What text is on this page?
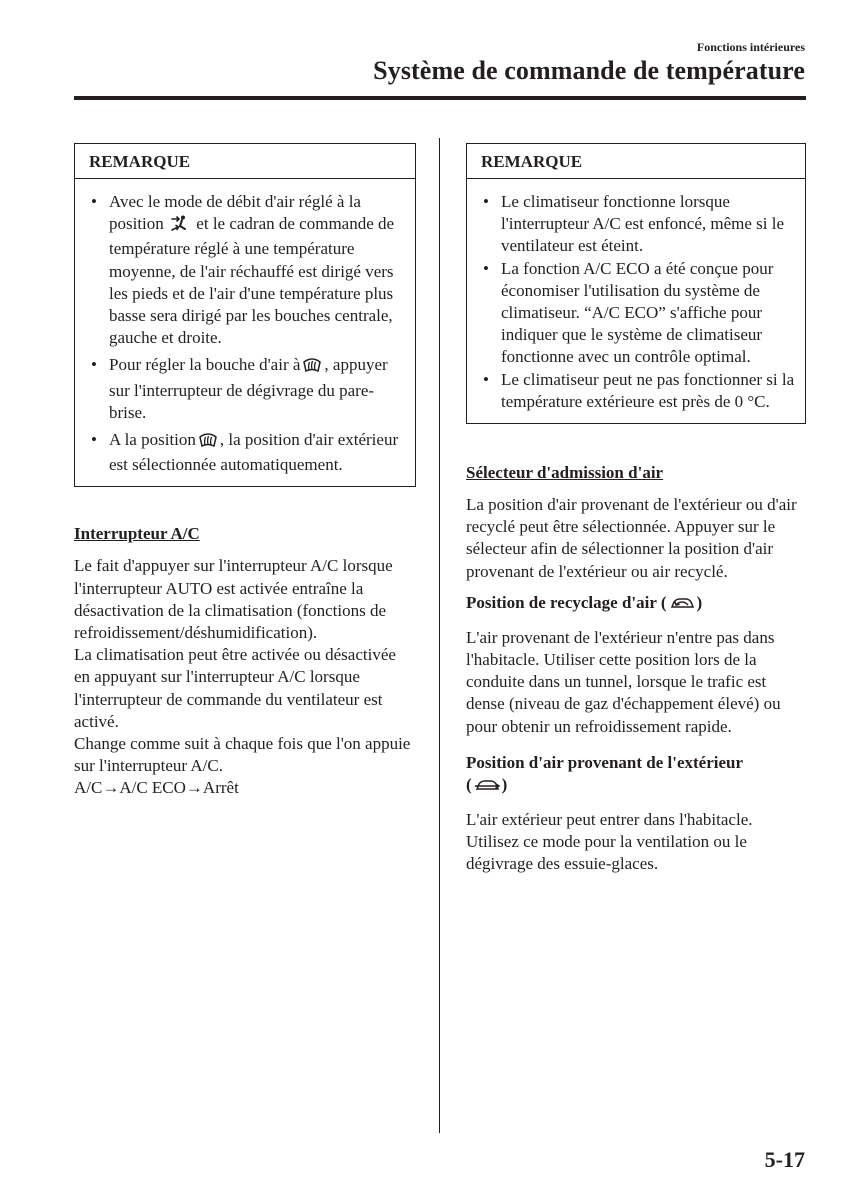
Fonctions intérieures
Système de commande de température
REMARQUE
• Avec le mode de débit d'air réglé à la position et le cadran de commande de température réglé à une température moyenne, de l'air réchauffé est dirigé vers les pieds et de l'air d'une température plus basse sera dirigé par les bouches centrale, gauche et droite.
• Pour régler la bouche d'air à , appuyer sur l'interrupteur de dégivrage du pare-brise.
• A la position , la position d'air extérieur est sélectionnée automatiquement.
Interrupteur A/C
Le fait d'appuyer sur l'interrupteur A/C lorsque l'interrupteur AUTO est activée entraîne la désactivation de la climatisation (fonctions de refroidissement/déshumidification).
La climatisation peut être activée ou désactivée en appuyant sur l'interrupteur A/C lorsque l'interrupteur de commande du ventilateur est activé.
Change comme suit à chaque fois que l'on appuie sur l'interrupteur A/C.
A/C→A/C ECO→Arrêt
REMARQUE
• Le climatiseur fonctionne lorsque l'interrupteur A/C est enfoncé, même si le ventilateur est éteint.
• La fonction A/C ECO a été conçue pour économiser l'utilisation du système de climatiseur. “A/C ECO” s'affiche pour indiquer que le système de climatiseur fonctionne avec un contrôle optimal.
• Le climatiseur peut ne pas fonctionner si la température extérieure est près de 0 °C.
Sélecteur d'admission d'air
La position d'air provenant de l'extérieur ou d'air recyclé peut être sélectionnée. Appuyer sur le sélecteur afin de sélectionner la position d'air provenant de l'extérieur ou air recyclé.
Position de recyclage d'air ( )
L'air provenant de l'extérieur n'entre pas dans l'habitacle. Utiliser cette position lors de la conduite dans un tunnel, lorsque le trafic est dense (niveau de gaz d'échappement élevé) ou pour obtenir un refroidissement rapide.
Position d'air provenant de l'extérieur
( )
L'air extérieur peut entrer dans l'habitacle. Utilisez ce mode pour la ventilation ou le dégivrage des essuie-glaces.
5-17
